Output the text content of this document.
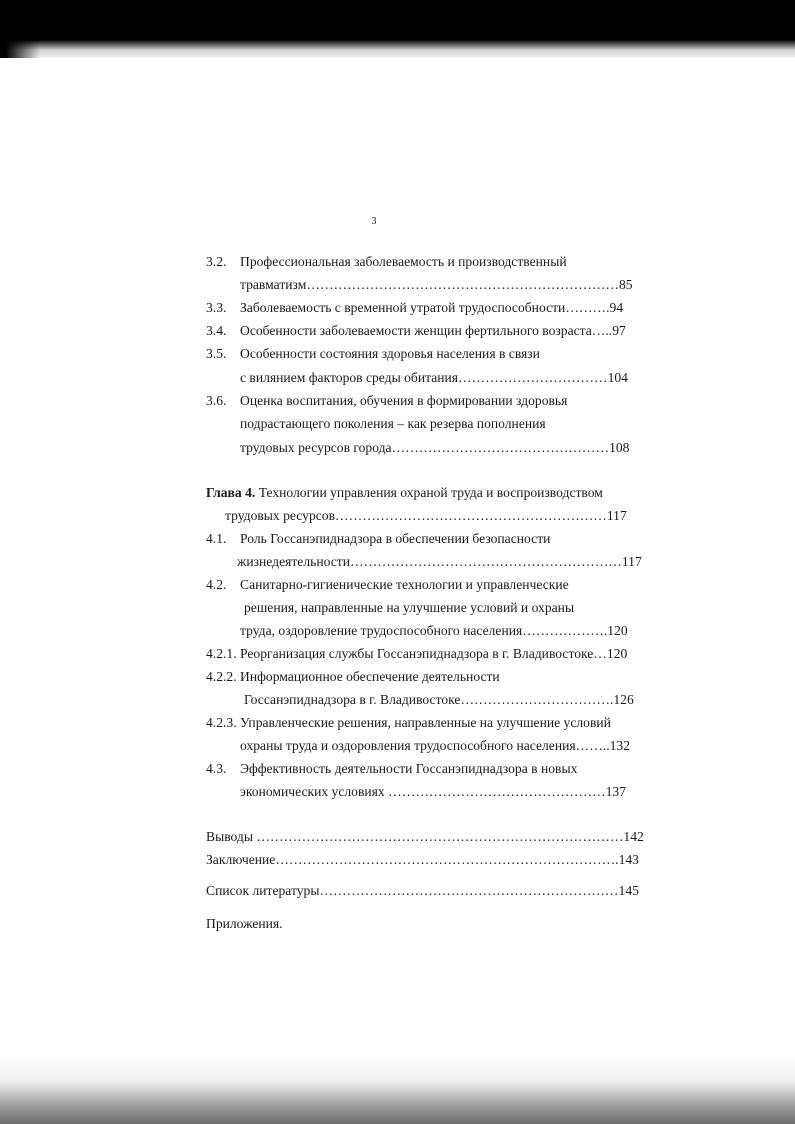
3
3.2. Профессиональная заболеваемость и производственный
травматизм……………………………………………………………85
3.3. Заболеваемость с временной утратой трудоспособности……….94
3.4. Особенности заболеваемости женщин фертильного возраста…..97
3.5. Особенности состояния здоровья населения в связи
с вилянием факторов среды обитания……………………………104
3.6. Оценка воспитания, обучения в формировании здоровья
подрастающего поколения – как резерва пополнения
трудовых ресурсов города…………………………………………108
Глава 4. Технологии управления охраной труда и воспроизводством
трудовых ресурсов……………………………………………………117
4.1. Роль Госсанэпиднадзора в обеспечении безопасности
жизнедеятельности……………………………………………………117
4.2. Санитарно-гигиенические технологии и управленческие
решения, направленные на улучшение условий и охраны
труда, оздоровление трудоспособного населения……………….120
4.2.1. Реорганизация службы Госсанэпиднадзора в г. Владивостоке…120
4.2.2. Информационное обеспечение деятельности
Госсанэпиднадзора в г. Владивостоке…………………………….126
4.2.3. Управленческие решения, направленные на улучшение условий
охраны труда и оздоровления трудоспособного населения……..132
4.3. Эффективность деятельности Госсанэпиднадзора в новых
экономических условиях …………………………………………137
Выводы ………………………………………………………………………142
Заключение………………………………………………………………….143
Список литературы…………………………………………………………145
Приложения.
